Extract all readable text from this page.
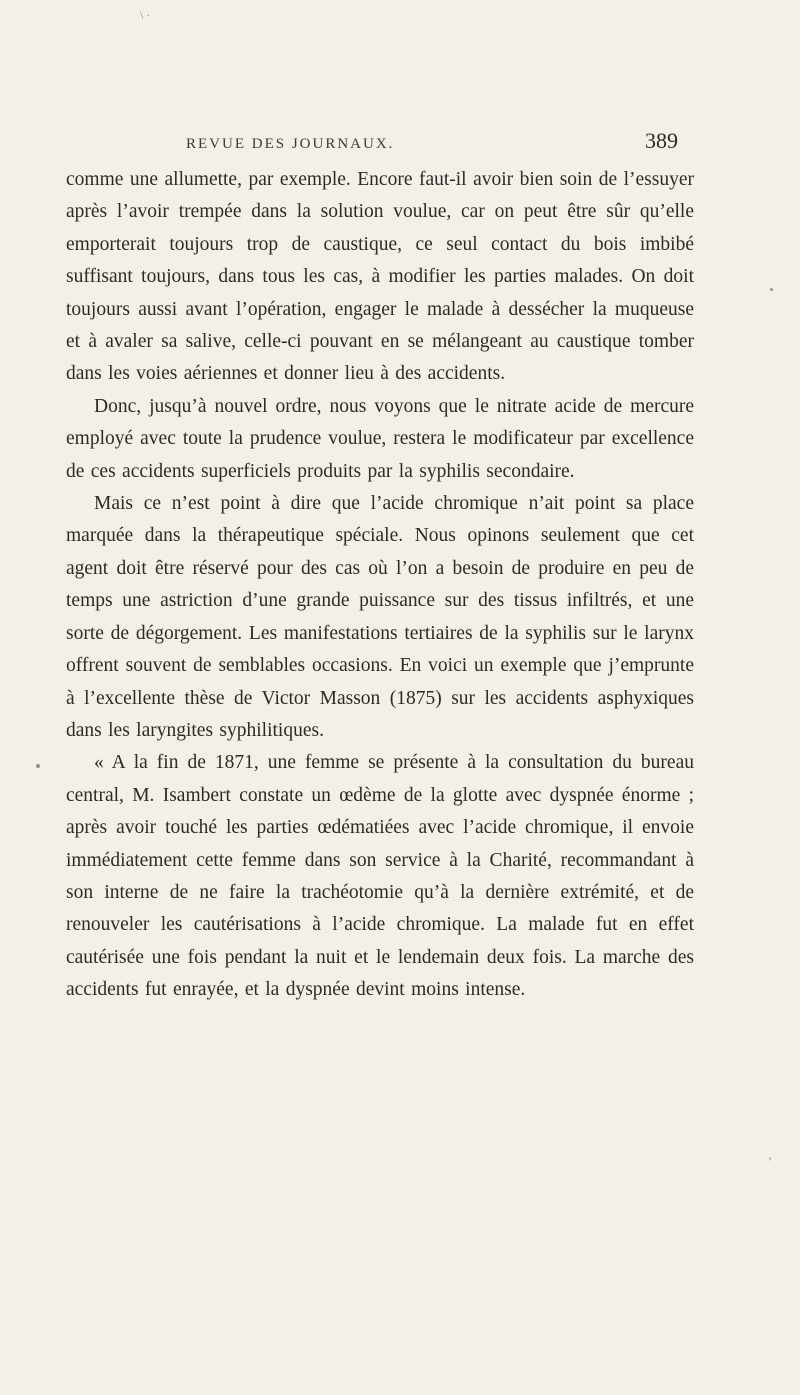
\ ·
’
REVUE DES JOURNAUX.	389

comme une allumette, par exemple. Encore faut-il avoir bien soin de l’essuyer après l’avoir trempée dans la solution voulue, car on peut être sûr qu’elle emporterait toujours trop de caustique, ce seul contact du bois imbibé suffisant toujours, dans tous les cas, à modifier les parties malades. On doit toujours aussi avant l’opération, engager le malade à dessécher la muqueuse et à avaler sa salive, celle-ci pouvant en se mélangeant au caustique tomber dans les voies aériennes et donner lieu à des accidents.

Donc, jusqu’à nouvel ordre, nous voyons que le nitrate acide de mercure employé avec toute la prudence voulue, restera le modificateur par excellence de ces accidents superficiels produits par la syphilis secondaire.

Mais ce n’est point à dire que l’acide chromique n’ait point sa place marquée dans la thérapeutique spéciale. Nous opinons seulement que cet agent doit être réservé pour des cas où l’on a besoin de produire en peu de temps une astriction d’une grande puissance sur des tissus infiltrés, et une sorte de dégorgement. Les manifestations tertiaires de la syphilis sur le larynx offrent souvent de semblables occasions. En voici un exemple que j’emprunte à l’excellente thèse de Victor Masson (1875) sur les accidents asphyxiques dans les laryngites syphilitiques.

« A la fin de 1871, une femme se présente à la consultation du bureau central, M. Isambert constate un œdème de la glotte avec dyspnée énorme ; après avoir touché les parties œdématiées avec l’acide chromique, il envoie immédiatement cette femme dans son service à la Charité, recommandant à son interne de ne faire la trachéotomie qu’à la dernière extrémité, et de renouveler les cautérisations à l’acide chromique. La malade fut en effet cautérisée une fois pendant la nuit et le lendemain deux fois. La marche des accidents fut enrayée, et la dyspnée devint moins intense.
